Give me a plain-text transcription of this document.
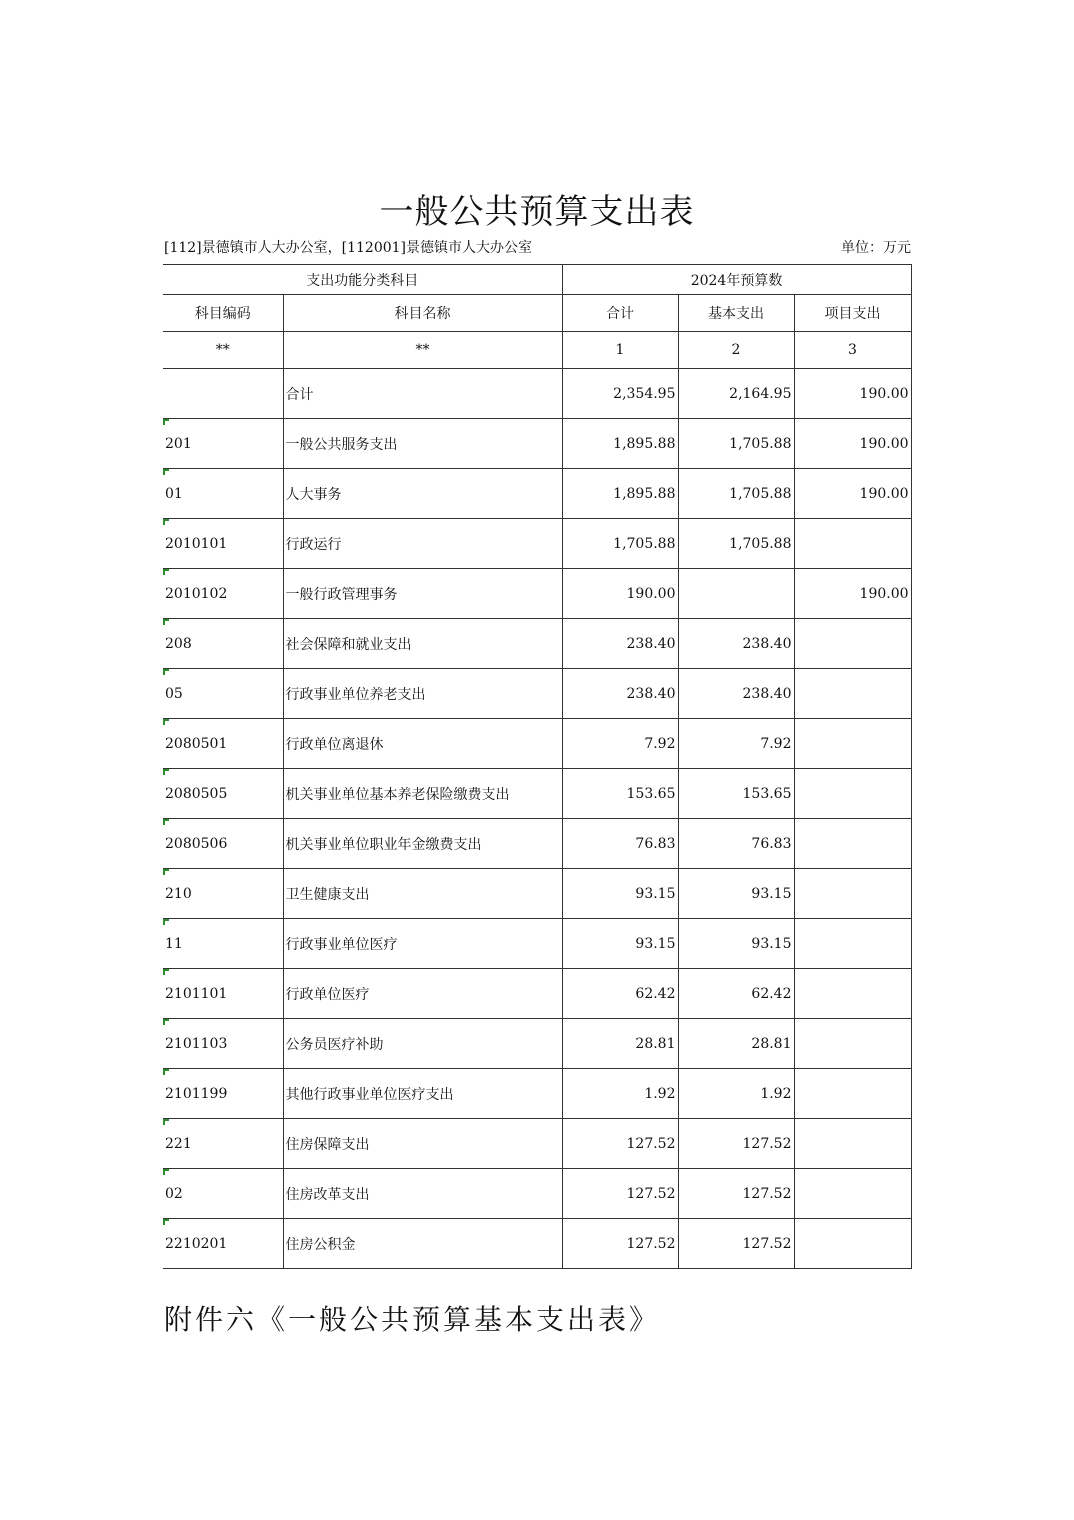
一般公共预算支出表
[112]景德镇市人大办公室，[112001]景德镇市人大办公室	单位：万元
支出功能分类科目		2024年预算数		
科目编码	科目名称	合计	基本支出	项目支出
**	**	1	2	3
	合计	2,354.95	2,164.95	190.00
201	一般公共服务支出	1,895.88	1,705.88	190.00
01	人大事务	1,895.88	1,705.88	190.00
2010101	行政运行	1,705.88	1,705.88	
2010102	一般行政管理事务	190.00		190.00
208	社会保障和就业支出	238.40	238.40	
05	行政事业单位养老支出	238.40	238.40	
2080501	行政单位离退休	7.92	7.92	
2080505	机关事业单位基本养老保险缴费支出	153.65	153.65	
2080506	机关事业单位职业年金缴费支出	76.83	76.83	
210	卫生健康支出	93.15	93.15	
11	行政事业单位医疗	93.15	93.15	
2101101	行政单位医疗	62.42	62.42	
2101103	公务员医疗补助	28.81	28.81	
2101199	其他行政事业单位医疗支出	1.92	1.92	
221	住房保障支出	127.52	127.52	
02	住房改革支出	127.52	127.52	
2210201	住房公积金	127.52	127.52	
附件六《一般公共预算基本支出表》
